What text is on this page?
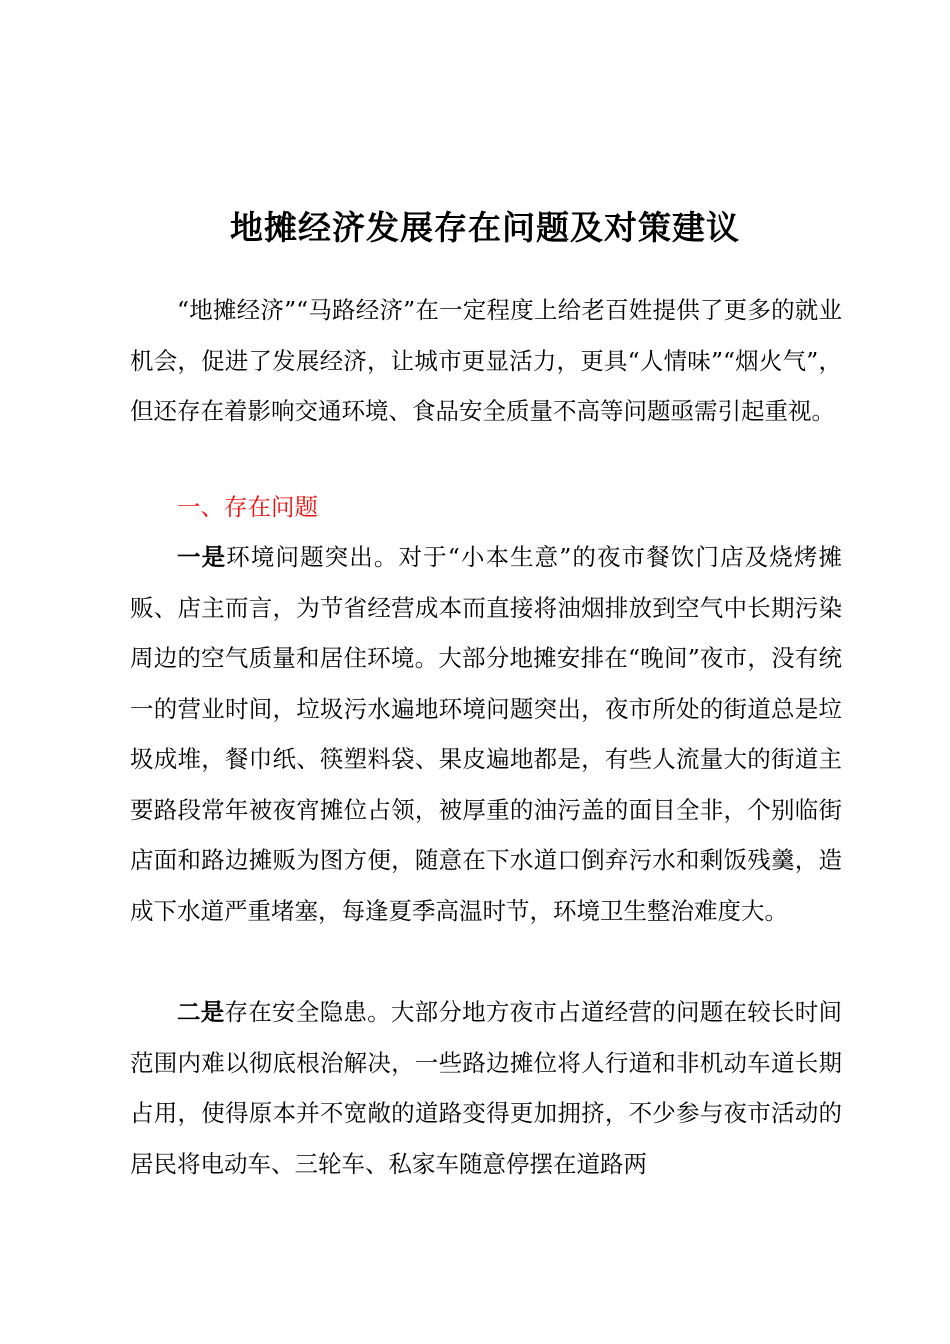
地摊经济发展存在问题及对策建议

“地摊经济”“马路经济”在一定程度上给老百姓提供了更多的就业机会，促进了发展经济，让城市更显活力，更具“人情味”“烟火气”，但还存在着影响交通环境、食品安全质量不高等问题亟需引起重视。

一、存在问题

一是环境问题突出。对于“小本生意”的夜市餐饮门店及烧烤摊贩、店主而言，为节省经营成本而直接将油烟排放到空气中长期污染周边的空气质量和居住环境。大部分地摊安排在“晚间”夜市，没有统一的营业时间，垃圾污水遍地环境问题突出，夜市所处的街道总是垃圾成堆，餐巾纸、筷塑料袋、果皮遍地都是，有些人流量大的街道主要路段常年被夜宵摊位占领，被厚重的油污盖的面目全非，个别临街店面和路边摊贩为图方便，随意在下水道口倒弃污水和剩饭残羹，造成下水道严重堵塞，每逢夏季高温时节，环境卫生整治难度大。

二是存在安全隐患。大部分地方夜市占道经营的问题在较长时间范围内难以彻底根治解决，一些路边摊位将人行道和非机动车道长期占用，使得原本并不宽敞的道路变得更加拥挤，不少参与夜市活动的居民将电动车、三轮车、私家车随意停摆在道路两
